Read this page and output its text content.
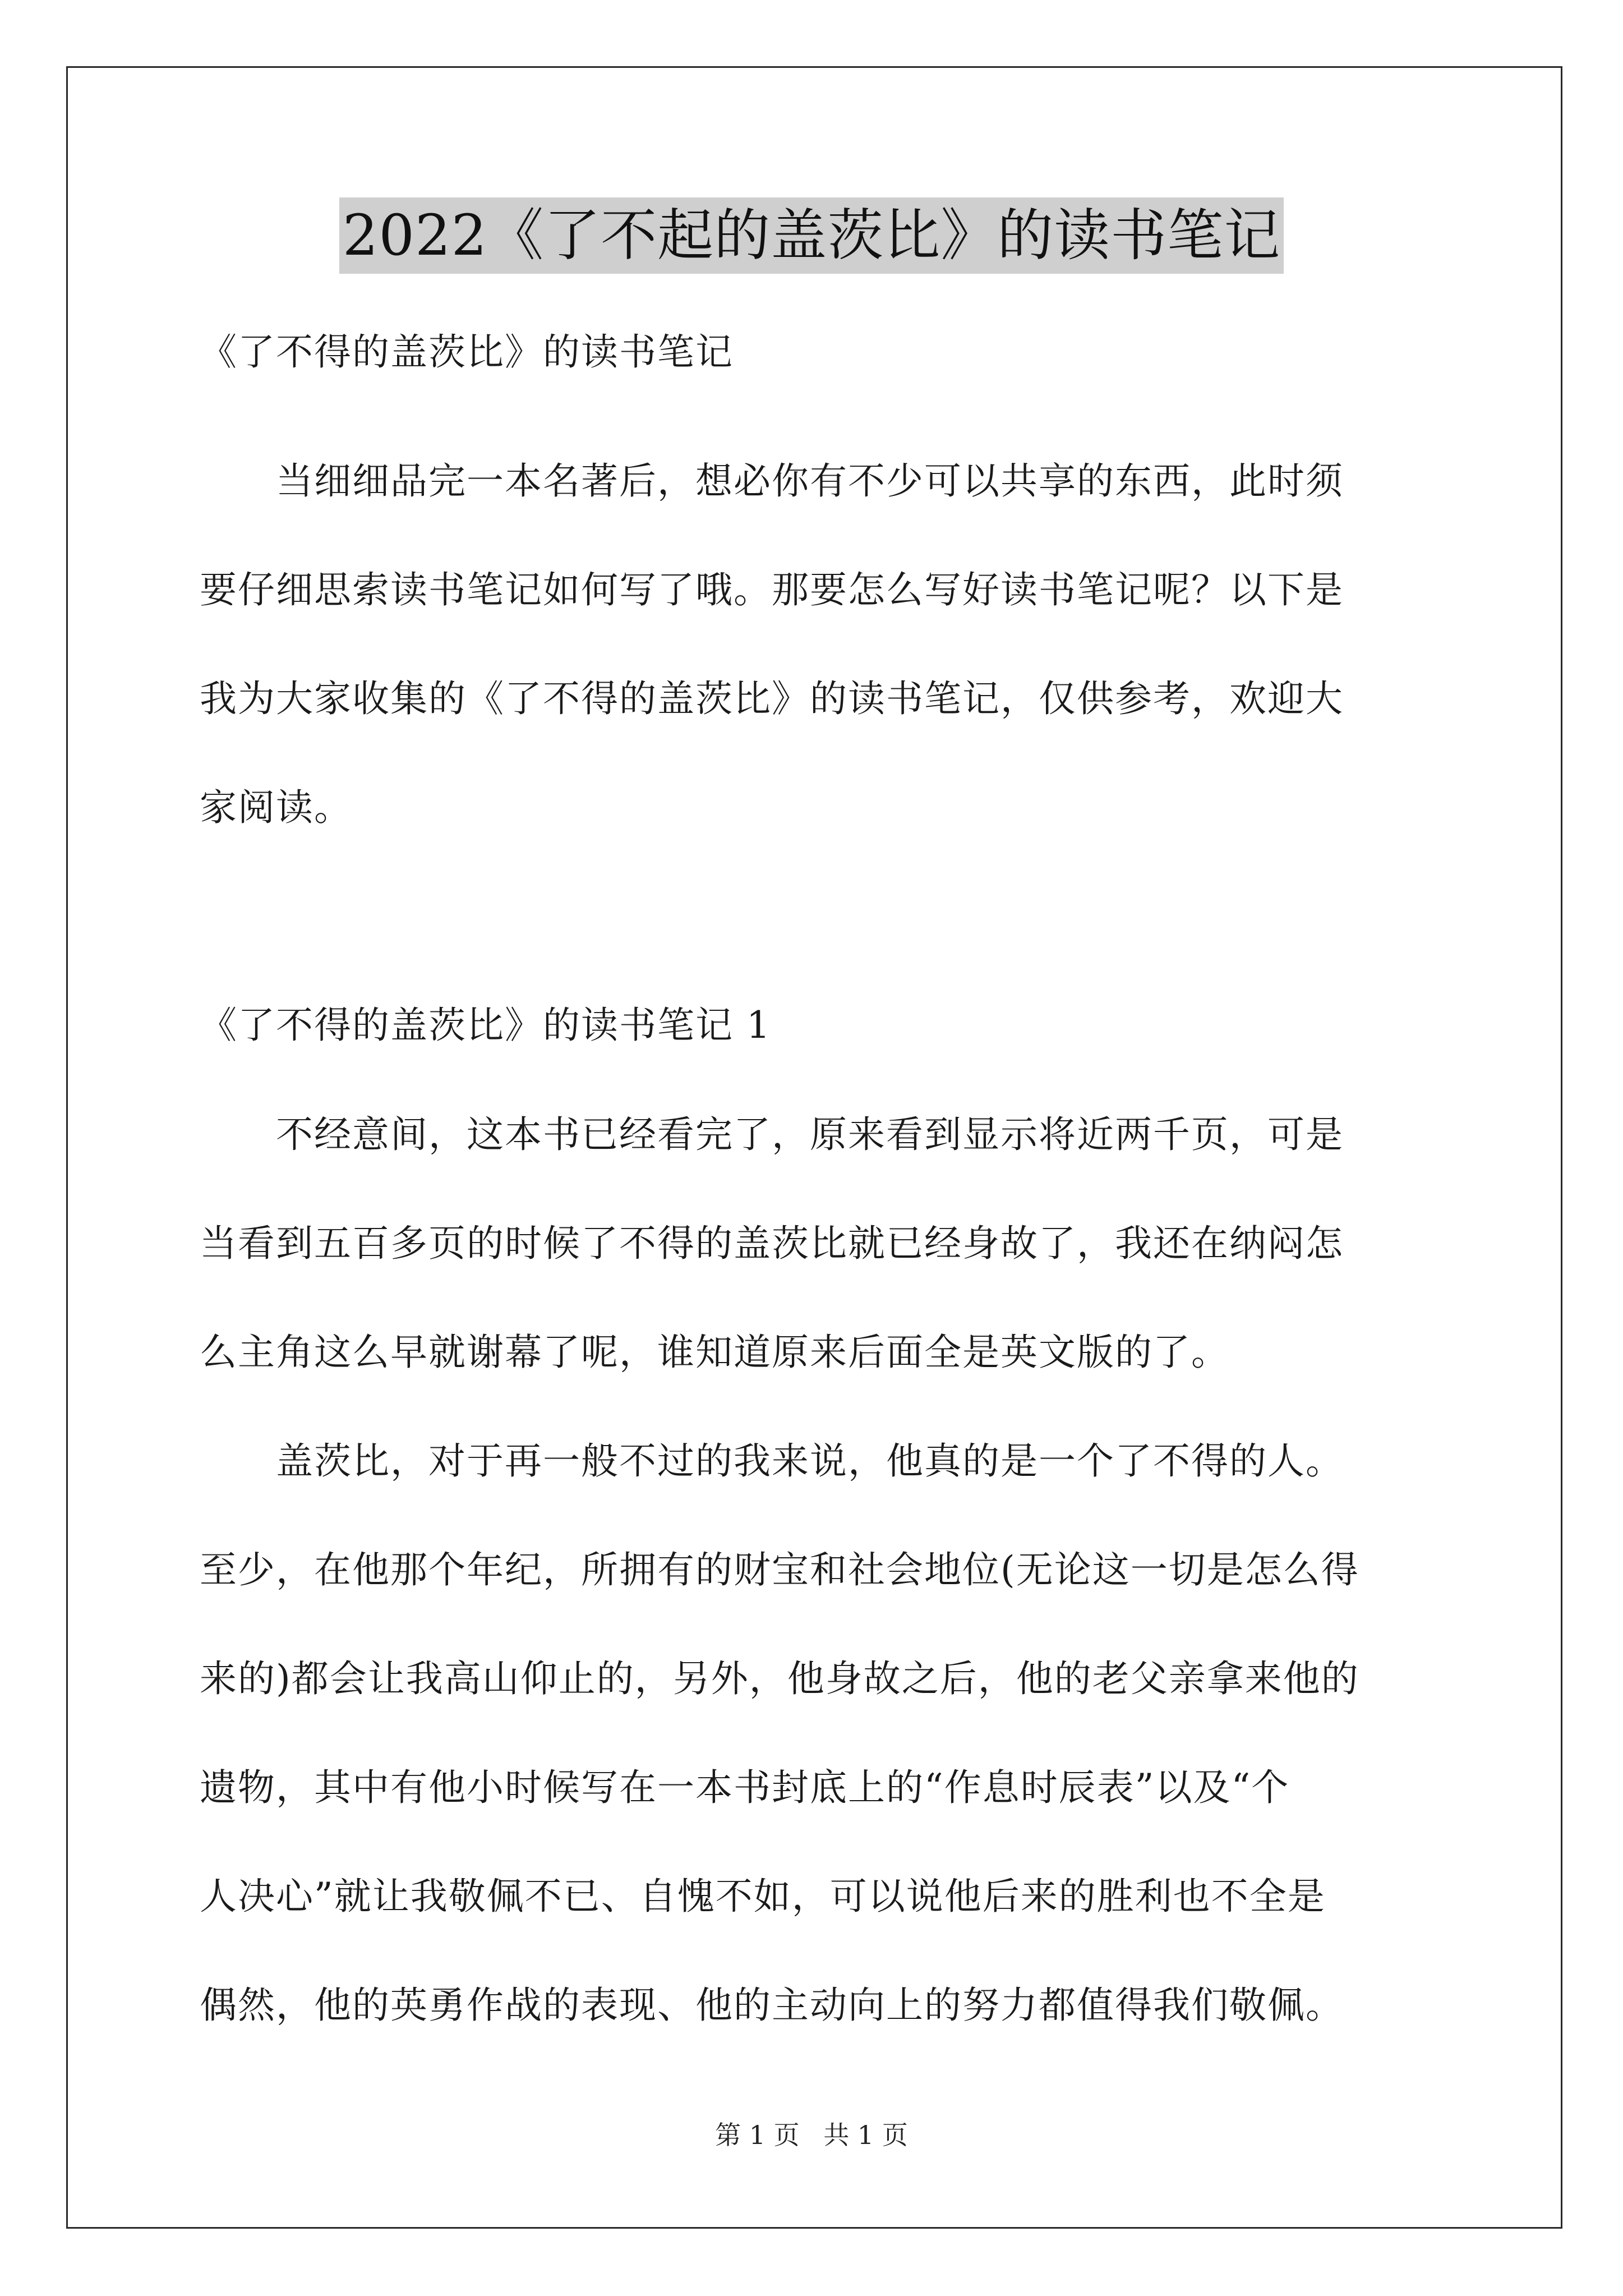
2022《了不起的盖茨比》的读书笔记
《了不得的盖茨比》的读书笔记
　　当细细品完一本名著后，想必你有不少可以共享的东西，此时须
要仔细思索读书笔记如何写了哦。那要怎么写好读书笔记呢？以下是
我为大家收集的《了不得的盖茨比》的读书笔记，仅供参考，欢迎大
家阅读。
《了不得的盖茨比》的读书笔记 1
　　不经意间，这本书已经看完了，原来看到显示将近两千页，可是
当看到五百多页的时候了不得的盖茨比就已经身故了，我还在纳闷怎
么主角这么早就谢幕了呢，谁知道原来后面全是英文版的了。
　　盖茨比，对于再一般不过的我来说，他真的是一个了不得的人。
至少，在他那个年纪，所拥有的财宝和社会地位(无论这一切是怎么得
来的)都会让我高山仰止的，另外，他身故之后，他的老父亲拿来他的
遗物，其中有他小时候写在一本书封底上的“作息时辰表”以及“个
人决心”就让我敬佩不已、自愧不如，可以说他后来的胜利也不全是
偶然，他的英勇作战的表现、他的主动向上的努力都值得我们敬佩。
第 1 页 共 1 页
